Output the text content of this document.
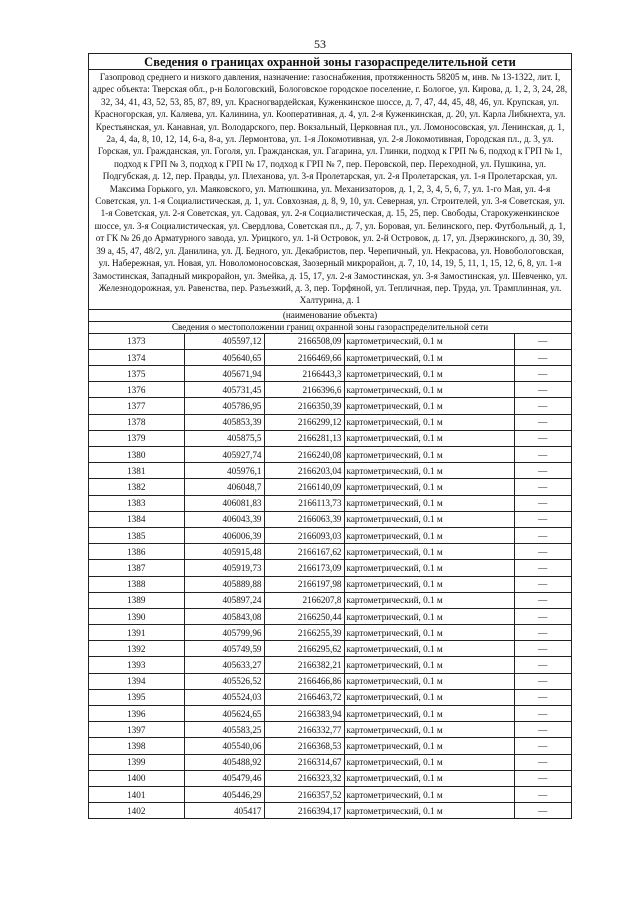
53
Сведения о границах охранной зоны газораспределительной сети
Газопровод среднего и низкого давления, назначение: газоснабжения, протяженность 58205 м, инв. № 13-1322, лит. I, адрес объекта: Тверская обл., р-н Бологовский, Бологовское городское поселение, г. Бологое, ул. Кирова, д. 1, 2, 3, 24, 28, 32, 34, 41, 43, 52, 53, 85, 87, 89, ул. Красногвардейская, Куженкинское шоссе, д. 7, 47, 44, 45, 48, 46, ул. Крупская, ул. Красногорская, ул. Каляева, ул. Калинина, ул. Кооперативная, д. 4, ул. 2-я Куженкинская, д. 20, ул. Карла Либкнехта, ул. Крестьянская, ул. Канавная, ул. Володарского, пер. Вокзальный, Церковная пл., ул. Ломоносовская, ул. Ленинская, д. 1, 2а, 4, 4а, 8, 10, 12, 14, 6-а, 8-а, ул. Лермонтова, ул. 1-я Локомотивная, ул. 2-я Локомотивная, Городская пл., д. 3, ул. Горская, ул. Гражданская, ул. Гоголя, ул. Гражданская, ул. Гагарина, ул. Глинки, подход к ГРП № 6, подход к ГРП № 1, подход к ГРП № 3, подход к ГРП № 17, подход к ГРП № 7, пер. Перовской, пер. Переходной, ул. Пушкина, ул. Подгубская, д. 12, пер. Правды, ул. Плеханова, ул. 3-я Пролетарская, ул. 2-я Пролетарская, ул. 1-я Пролетарская, ул. Максима Горького, ул. Маяковского, ул. Матюшкина, ул. Механизаторов, д. 1, 2, 3, 4, 5, 6, 7, ул. 1-го Мая, ул. 4-я Советская, ул. 1-я Социалистическая, д. 1, ул. Совхозная, д. 8, 9, 10, ул. Северная, ул. Строителей, ул. 3-я Советская, ул. 1-я Советская, ул. 2-я Советская, ул. Садовая, ул. 2-я Социалистическая, д. 15, 25, пер. Свободы, Старокуженкинское шоссе, ул. 3-я Социалистическая, ул. Свердлова, Советская пл., д. 7, ул. Боровая, ул. Белинского, пер. Футбольный, д. 1, от ГК № 26 до Арматурного завода, ул. Урицкого, ул. 1-й Островок, ул. 2-й Островок, д. 17, ул. Дзержинского, д. 30, 39, 39 а, 45, 47, 48/2, ул. Данилина, ул. Д. Бедного, ул. Декабристов, пер. Черепичный, ул. Некрасова, ул. Новобологовская, ул. Набережная, ул. Новая, ул. Новоломоносовская, Заозерный микрорайон, д. 7, 10, 14, 19, 5, 11, 1, 15, 12, 6, 8, ул. 1-я Замостинская, Западный микрорайон, ул. Змейка, д. 15, 17, ул. 2-я Замостинская, ул. 3-я Замостинская, ул. Шевченко, ул. Железнодорожная, ул. Равенства, пер. Разъезжий, д. 3, пер. Торфяной, ул. Тепличная, пер. Труда, ул. Трамплинная, ул. Халтурина, д. 1
(наименование объекта)
Сведения о местоположении границ охранной зоны газораспределительной сети
1373	405597,12	2166508,09	картометрический, 0.1 м	—
1374	405640,65	2166469,66	картометрический, 0.1 м	—
1375	405671,94	2166443,3	картометрический, 0.1 м	—
1376	405731,45	2166396,6	картометрический, 0.1 м	—
1377	405786,95	2166350,39	картометрический, 0.1 м	—
1378	405853,39	2166299,12	картометрический, 0.1 м	—
1379	405875,5	2166281,13	картометрический, 0.1 м	—
1380	405927,74	2166240,08	картометрический, 0.1 м	—
1381	405976,1	2166203,04	картометрический, 0.1 м	—
1382	406048,7	2166140,09	картометрический, 0.1 м	—
1383	406081,83	2166113,73	картометрический, 0.1 м	—
1384	406043,39	2166063,39	картометрический, 0.1 м	—
1385	406006,39	2166093,03	картометрический, 0.1 м	—
1386	405915,48	2166167,62	картометрический, 0.1 м	—
1387	405919,73	2166173,09	картометрический, 0.1 м	—
1388	405889,88	2166197,98	картометрический, 0.1 м	—
1389	405897,24	2166207,8	картометрический, 0.1 м	—
1390	405843,08	2166250,44	картометрический, 0.1 м	—
1391	405799,96	2166255,39	картометрический, 0.1 м	—
1392	405749,59	2166295,62	картометрический, 0.1 м	—
1393	405633,27	2166382,21	картометрический, 0.1 м	—
1394	405526,52	2166466,86	картометрический, 0.1 м	—
1395	405524,03	2166463,72	картометрический, 0.1 м	—
1396	405624,65	2166383,94	картометрический, 0.1 м	—
1397	405583,25	2166332,77	картометрический, 0.1 м	—
1398	405540,06	2166368,53	картометрический, 0.1 м	—
1399	405488,92	2166314,67	картометрический, 0.1 м	—
1400	405479,46	2166323,32	картометрический, 0.1 м	—
1401	405446,29	2166357,52	картометрический, 0.1 м	—
1402	405417	2166394,17	картометрический, 0.1 м	—
